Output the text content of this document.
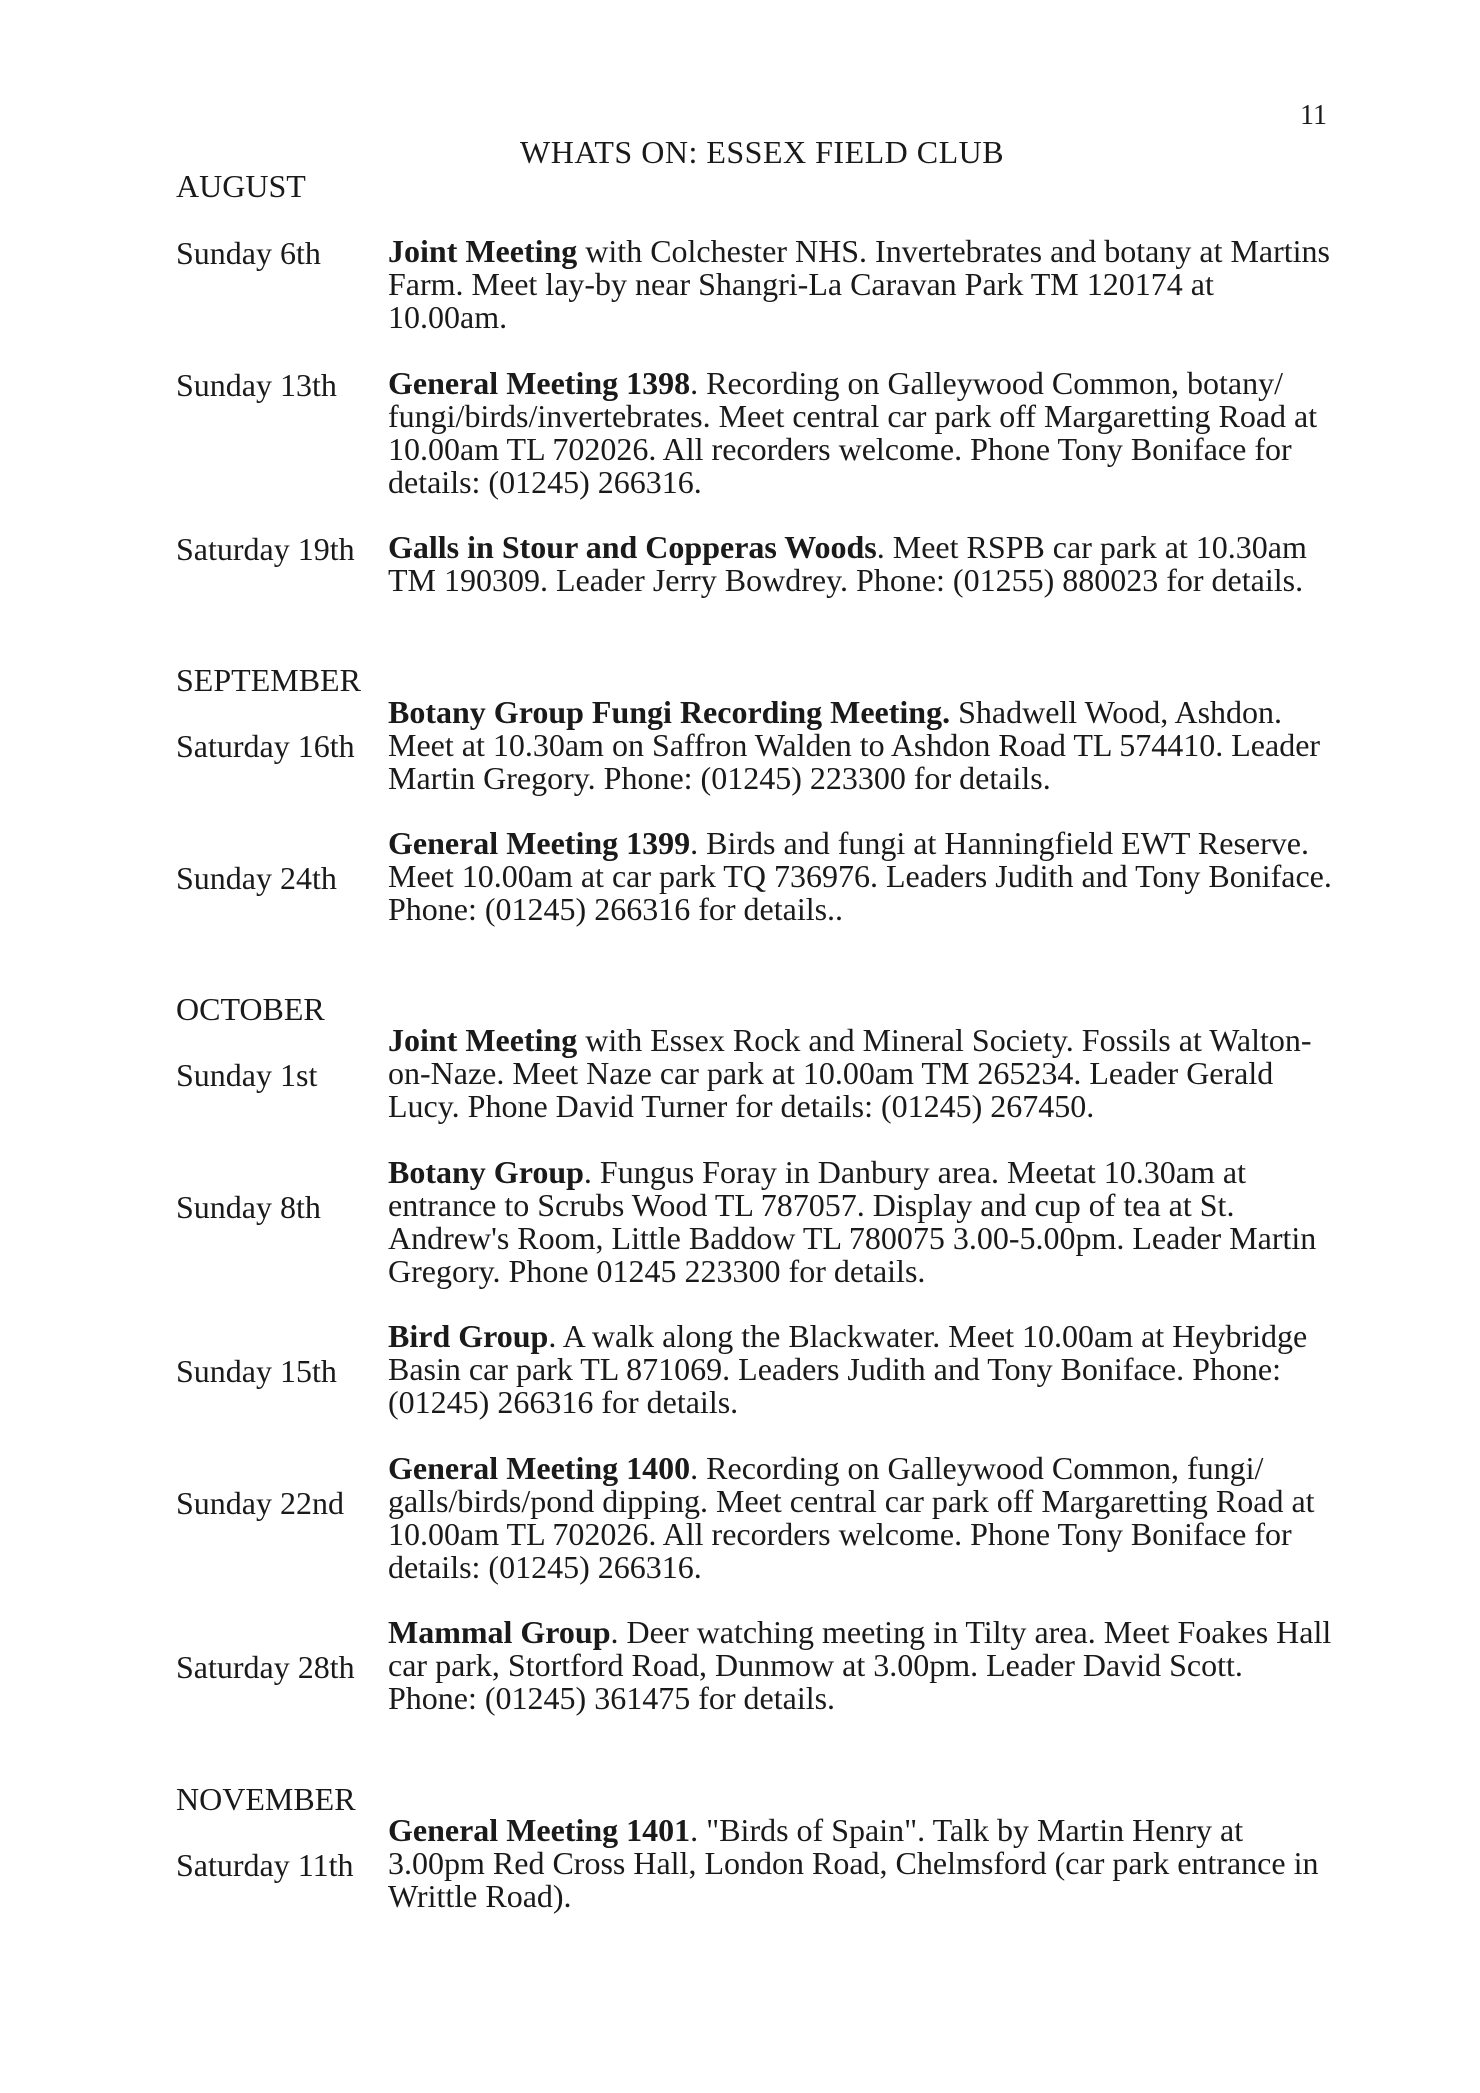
11
WHATS ON: ESSEX FIELD CLUB
AUGUST
Sunday 6th Joint Meeting with Colchester NHS. Invertebrates and botany at Martins Farm. Meet lay-by near Shangri-La Caravan Park TM 120174 at 10.00am.
Sunday 13th General Meeting 1398. Recording on Galleywood Common, botany/ fungi/birds/invertebrates. Meet central car park off Margaretting Road at 10.00am TL 702026. All recorders welcome. Phone Tony Boniface for details: (01245) 266316.
Saturday 19th Galls in Stour and Copperas Woods. Meet RSPB car park at 10.30am TM 190309. Leader Jerry Bowdrey. Phone: (01255) 880023 for details.
SEPTEMBER
Saturday 16th
Botany Group Fungi Recording Meeting. Shadwell Wood, Ashdon. Meet at 10.30am on Saffron Walden to Ashdon Road TL 574410. Leader Martin Gregory. Phone: (01245) 223300 for details.
Sunday 24th
General Meeting 1399. Birds and fungi at Hanningfield EWT Reserve. Meet 10.00am at car park TQ 736976. Leaders Judith and Tony Boniface. Phone: (01245) 266316 for details..
OCTOBER
Sunday 1st
Joint Meeting with Essex Rock and Mineral Society. Fossils at Walton-on-Naze. Meet Naze car park at 10.00am TM 265234. Leader Gerald Lucy. Phone David Turner for details: (01245) 267450.
Sunday 8th
Botany Group. Fungus Foray in Danbury area. Meetat 10.30am at entrance to Scrubs Wood TL 787057. Display and cup of tea at St. Andrew's Room, Little Baddow TL 780075 3.00-5.00pm. Leader Martin Gregory. Phone 01245 223300 for details.
Sunday 15th
Bird Group. A walk along the Blackwater. Meet 10.00am at Heybridge Basin car park TL 871069. Leaders Judith and Tony Boniface. Phone: (01245) 266316 for details.
Sunday 22nd
General Meeting 1400. Recording on Galleywood Common, fungi/ galls/birds/pond dipping. Meet central car park off Margaretting Road at 10.00am TL 702026. All recorders welcome. Phone Tony Boniface for details: (01245) 266316.
Saturday 28th
Mammal Group. Deer watching meeting in Tilty area. Meet Foakes Hall car park, Stortford Road, Dunmow at 3.00pm. Leader David Scott. Phone: (01245) 361475 for details.
NOVEMBER
Saturday 11th
General Meeting 1401. "Birds of Spain". Talk by Martin Henry at 3.00pm Red Cross Hall, London Road, Chelmsford (car park entrance in Writtle Road).
